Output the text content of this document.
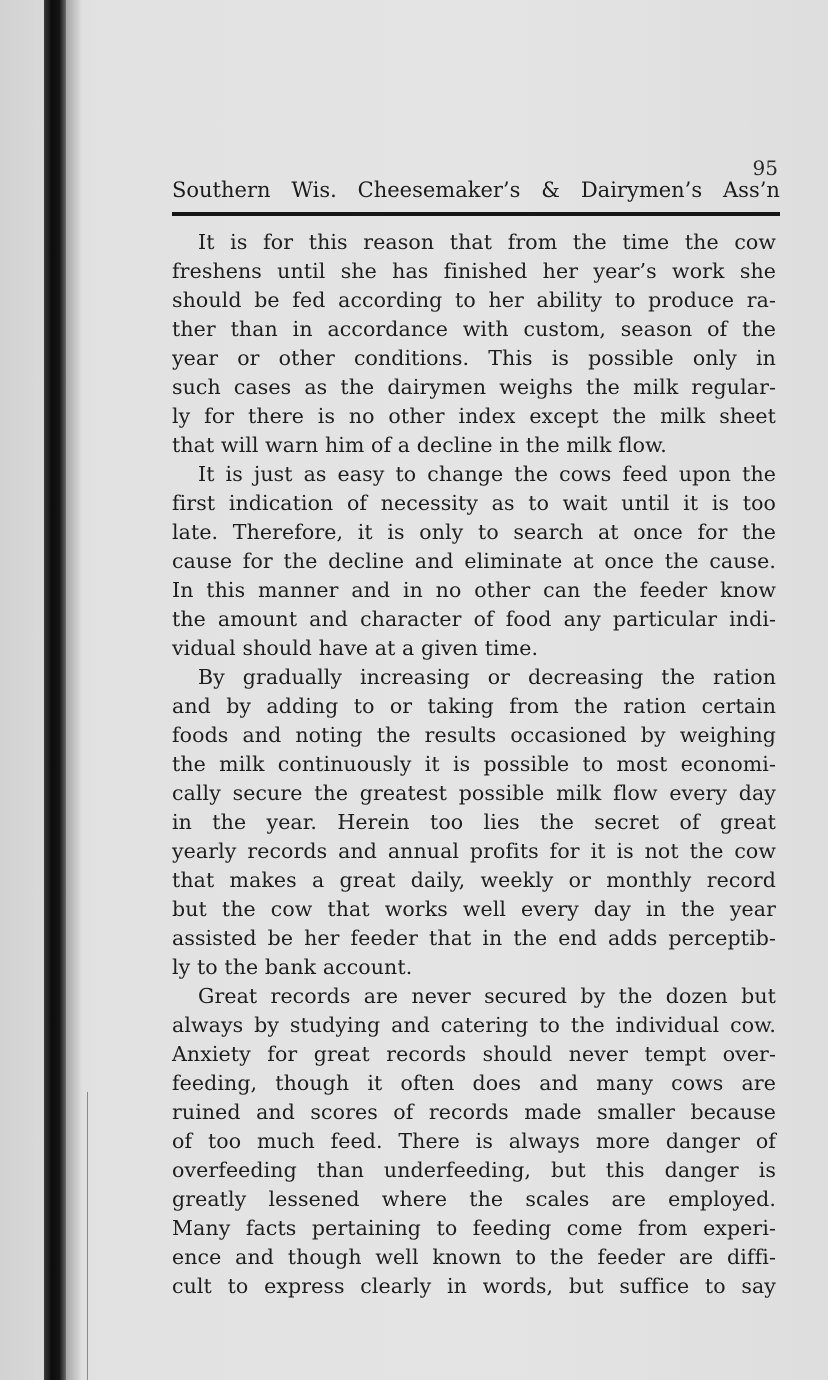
95
Southern Wis. Cheesemaker’s & Dairymen’s Ass’n

It is for this reason that from the time the cow

freshens until she has finished her year’s work she

should be fed according to her ability to produce ra-

ther than in accordance with custom, season of the

year or other conditions. This is possible only in

such cases as the dairymen weighs the milk regular-

ly for there is no other index except the milk sheet

that will warn him of a decline in the milk flow.

It is just as easy to change the cows feed upon the

first indication of necessity as to wait until it is too

late. Therefore, it is only to search at once for the

cause for the decline and eliminate at once the cause.

In this manner and in no other can the feeder know

the amount and character of food any particular indi-

vidual should have at a given time.

By gradually increasing or decreasing the ration

and by adding to or taking from the ration certain

foods and noting the results occasioned by weighing

the milk continuously it is possible to most economi-

cally secure the greatest possible milk flow every day

in the year. Herein too lies the secret of great

yearly records and annual profits for it is not the cow

that makes a great daily, weekly or monthly record

but the cow that works well every day in the year

assisted be her feeder that in the end adds perceptib-

ly to the bank account.

Great records are never secured by the dozen but

always by studying and catering to the individual cow.

Anxiety for great records should never tempt over-

feeding, though it often does and many cows are

ruined and scores of records made smaller because

of too much feed. There is always more danger of

overfeeding than underfeeding, but this danger is

greatly lessened where the scales are employed.

Many facts pertaining to feeding come from experi-

ence and though well known to the feeder are diffi-

cult to express clearly in words, but suffice to say
